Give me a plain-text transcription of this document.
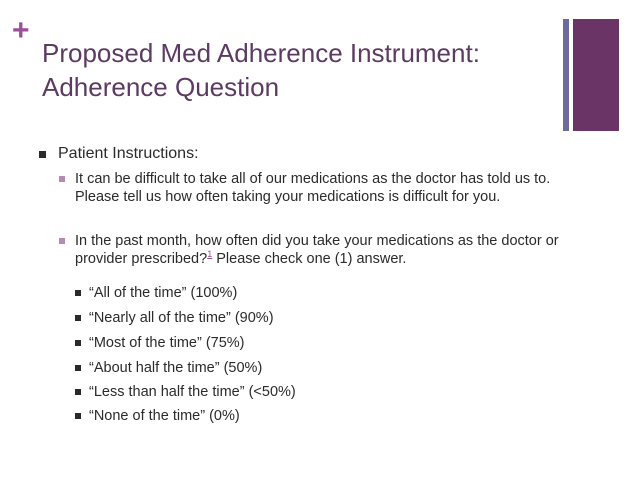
+
Proposed Med Adherence Instrument:
Adherence Question
Patient Instructions:
It can be difficult to take all of our medications as the doctor has told us to. Please tell us how often taking your medications is difficult for you.
In the past month, how often did you take your medications as the doctor or provider prescribed?$^1$ Please check one (1) answer.
“All of the time” (100%)
“Nearly all of the time” (90%)
“Most of the time” (75%)
“About half the time” (50%)
“Less than half the time” (<50%)
“None of the time” (0%)
